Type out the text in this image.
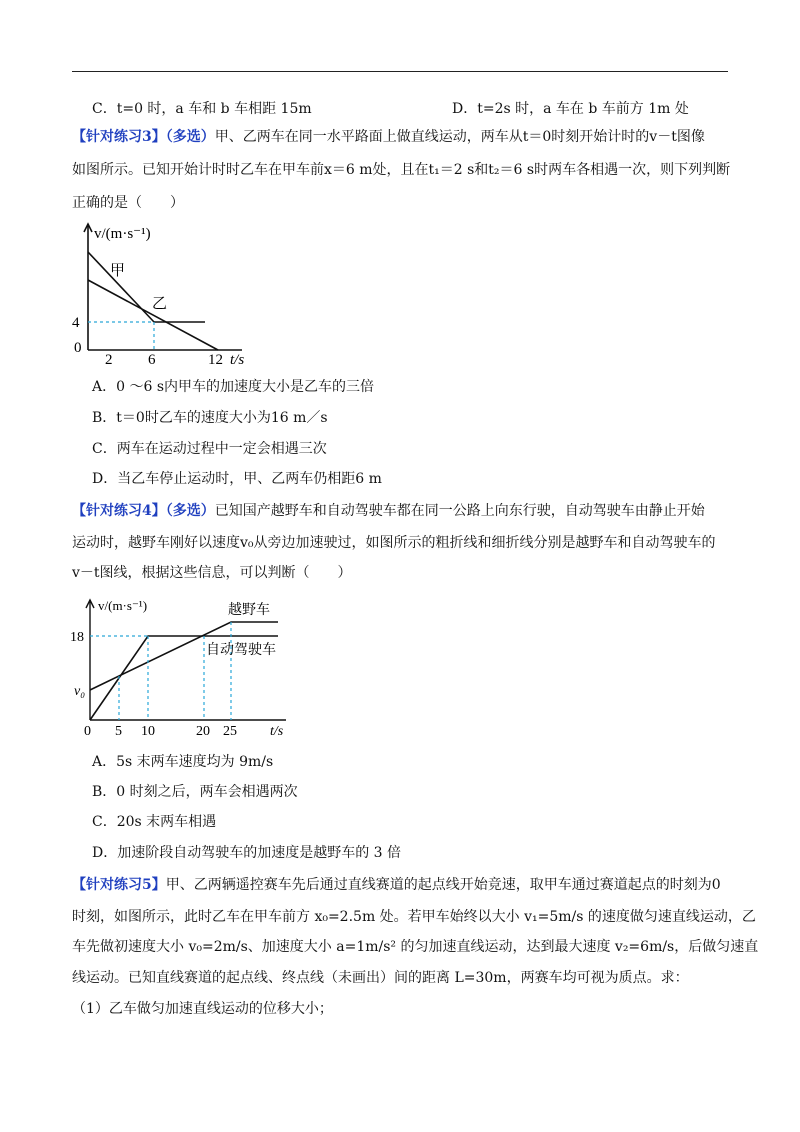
C．t=0 时，a 车和 b 车相距 15m	D．t=2s 时，a 车在 b 车前方 1m 处
【针对练习3】（多选）甲、乙两车在同一水平路面上做直线运动，两车从t＝0时刻开始计时的v－t图像
如图所示。已知开始计时时乙车在甲车前x＝6 m处，且在t₁＝2 s和t₂＝6 s时两车各相遇一次，则下列判断
正确的是（　　）
v/(m·s⁻¹)
甲
乙
4
0
2 6	12 t/s
A．0 ～6 s内甲车的加速度大小是乙车的三倍
B．t＝0时乙车的速度大小为16 m／s
C．两车在运动过程中一定会相遇三次
D．当乙车停止运动时，甲、乙两车仍相距6 m
【针对练习4】（多选）已知国产越野车和自动驾驶车都在同一公路上向东行驶，自动驾驶车由静止开始
运动时，越野车刚好以速度v₀从旁边加速驶过，如图所示的粗折线和细折线分别是越野车和自动驾驶车的
v－t图线，根据这些信息，可以判断（　　）
v/(m·s⁻¹)	越野车
自动驾驶车
18
v₀
0 5 10	20 25 t/s
A．5s 末两车速度均为 9m/s
B．0 时刻之后，两车会相遇两次
C．20s 末两车相遇
D．加速阶段自动驾驶车的加速度是越野车的 3 倍
【针对练习5】甲、乙两辆遥控赛车先后通过直线赛道的起点线开始竞速，取甲车通过赛道起点的时刻为0
时刻，如图所示，此时乙车在甲车前方 x₀=2.5m 处。若甲车始终以大小 v₁=5m/s 的速度做匀速直线运动，乙
车先做初速度大小 v₀=2m/s、加速度大小 a=1m/s² 的匀加速直线运动，达到最大速度 v₂=6m/s，后做匀速直
线运动。已知直线赛道的起点线、终点线（未画出）间的距离 L=30m，两赛车均可视为质点。求：
（1）乙车做匀加速直线运动的位移大小；
